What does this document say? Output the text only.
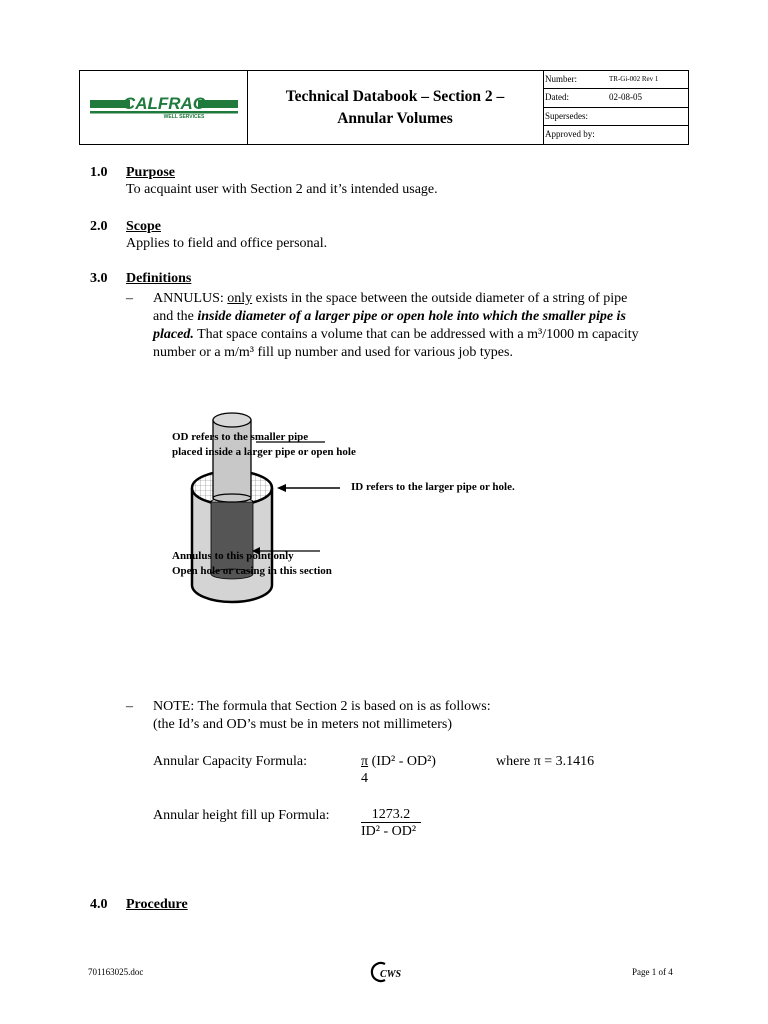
CALFRAC
WELL SERVICES
Technical Databook – Section 2 –
Annular Volumes
Number:	TR-Gi-002 Rev 1
Dated:	02-08-05
Supersedes:
Approved by:
1.0 Purpose
To acquaint user with Section 2 and it’s intended usage.
2.0 Scope
Applies to field and office personal.
3.0 Definitions
– ANNULUS: only exists in the space between the outside diameter of a string of pipe
and the inside diameter of a larger pipe or open hole into which the smaller pipe is
placed. That space contains a volume that can be addressed with a m³/1000 m capacity
number or a m/m³ fill up number and used for various job types.
OD refers to the smaller pipe
placed inside a larger pipe or open hole
ID refers to the larger pipe or hole.
Annulus to this point only
Open hole or casing in this section
– NOTE: The formula that Section 2 is based on is as follows:
(the Id’s and OD’s must be in meters not millimeters)
Annular Capacity Formula:	π (ID² - OD²)
4
where π = 3.1416
Annular height fill up Formula:	1273.2
ID² - OD²
4.0 Procedure
701163025.doc	CWS	Page 1 of 4
